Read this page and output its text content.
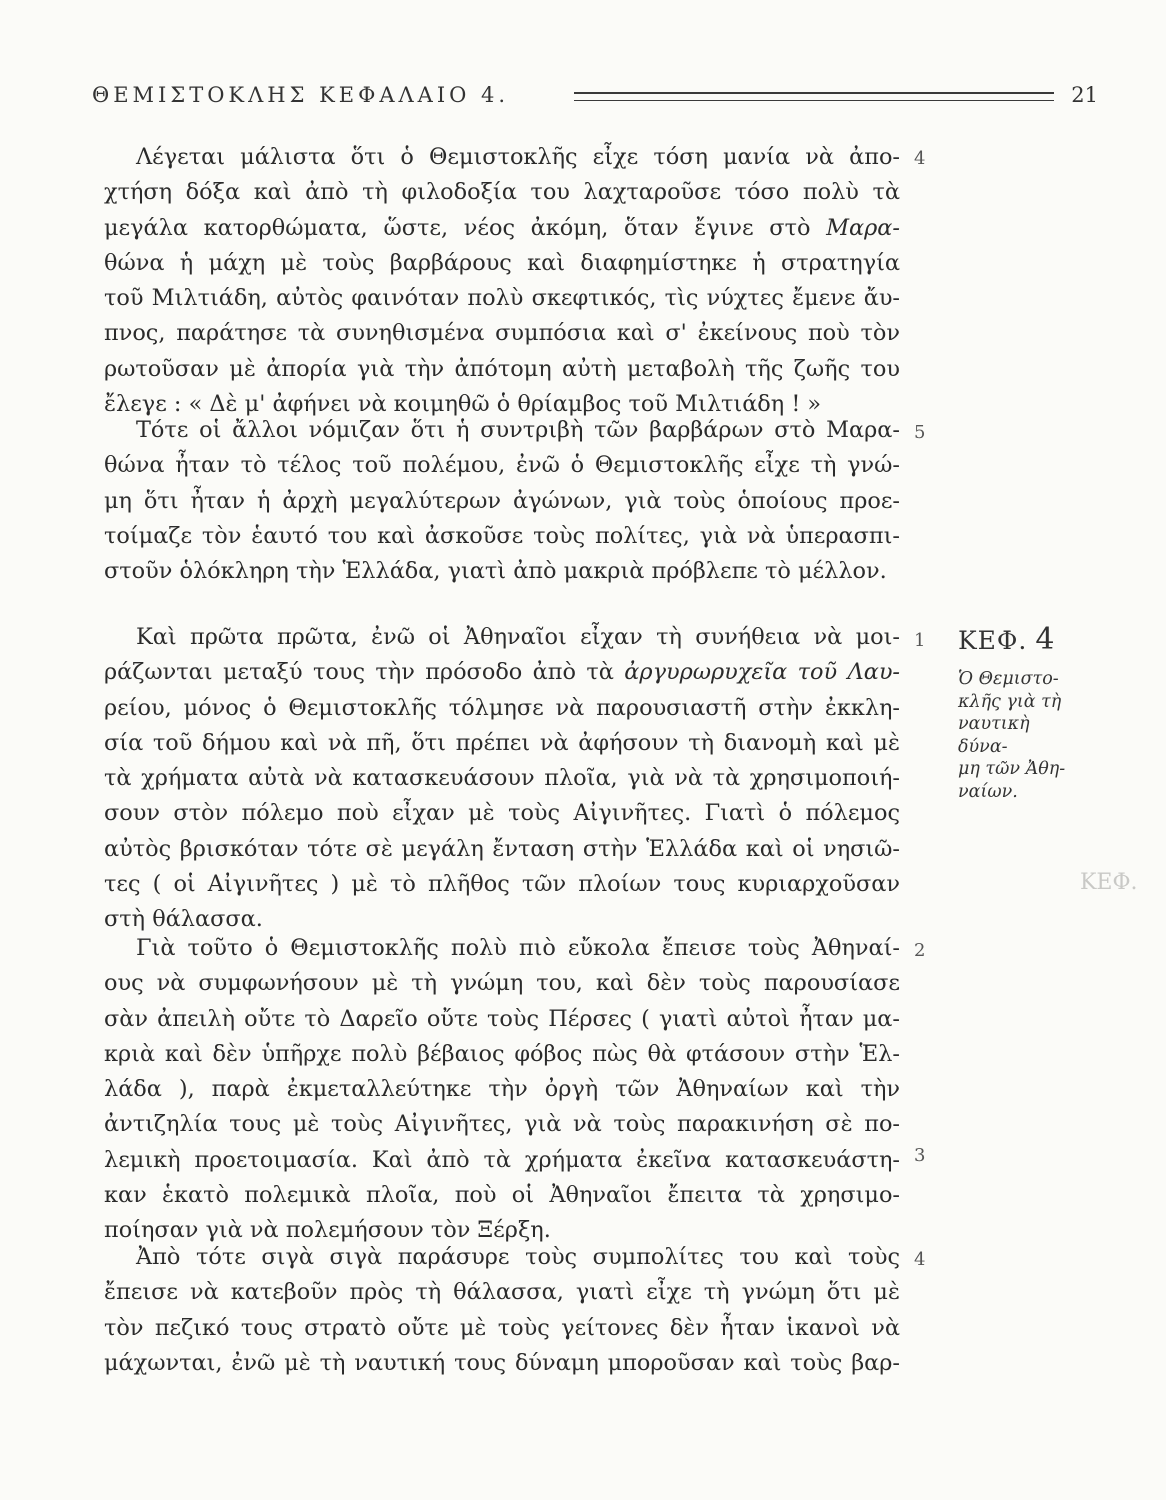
ΘΕΜΙΣΤΟΚΛΗΣ ΚΕΦΑΛΑΙΟ 4.	21
Λέγεται μάλιστα ὅτι ὁ Θεμιστοκλῆς εἶχε τόση μανία νὰ ἀπο-
χτήση δόξα καὶ ἀπὸ τὴ φιλοδοξία του λαχταροῦσε τόσο πολὺ τὰ
μεγάλα κατορθώματα, ὥστε, νέος ἀκόμη, ὅταν ἔγινε στὸ Μαρα-
θώνα ἡ μάχη μὲ τοὺς βαρβάρους καὶ διαφημίστηκε ἡ στρατηγία
τοῦ Μιλτιάδη, αὐτὸς φαινόταν πολὺ σκεφτικός, τὶς νύχτες ἔμενε ἄυ-
πνος, παράτησε τὰ συνηθισμένα συμπόσια καὶ σ' ἐκείνους ποὺ τὸν
ρωτοῦσαν μὲ ἀπορία γιὰ τὴν ἀπότομη αὐτὴ μεταβολὴ τῆς ζωῆς του
ἔλεγε : « Δὲ μ' ἀφήνει νὰ κοιμηθῶ ὁ θρίαμβος τοῦ Μιλτιάδη ! »
4
Τότε οἱ ἄλλοι νόμιζαν ὅτι ἡ συντριβὴ τῶν βαρβάρων στὸ Μαρα-
θώνα ἦταν τὸ τέλος τοῦ πολέμου, ἐνῶ ὁ Θεμιστοκλῆς εἶχε τὴ γνώ-
μη ὅτι ἦταν ἡ ἀρχὴ μεγαλύτερων ἀγώνων, γιὰ τοὺς ὁποίους προε-
τοίμαζε τὸν ἑαυτό του καὶ ἀσκοῦσε τοὺς πολίτες, γιὰ νὰ ὑπερασπι-
στοῦν ὁλόκληρη τὴν Ἑλλάδα, γιατὶ ἀπὸ μακριὰ πρόβλεπε τὸ μέλλον.
5
Καὶ πρῶτα πρῶτα, ἐνῶ οἱ Ἀθηναῖοι εἶχαν τὴ συνήθεια νὰ μοι-
ράζωνται μεταξύ τους τὴν πρόσοδο ἀπὸ τὰ ἀργυρωρυχεῖα τοῦ Λαυ-
ρείου, μόνος ὁ Θεμιστοκλῆς τόλμησε νὰ παρουσιαστῆ στὴν ἐκκλη-
σία τοῦ δήμου καὶ νὰ πῆ, ὅτι πρέπει νὰ ἀφήσουν τὴ διανομὴ καὶ μὲ
τὰ χρήματα αὐτὰ νὰ κατασκευάσουν πλοῖα, γιὰ νὰ τὰ χρησιμοποιή-
σουν στὸν πόλεμο ποὺ εἶχαν μὲ τοὺς Αἰγινῆτες. Γιατὶ ὁ πόλεμος
αὐτὸς βρισκόταν τότε σὲ μεγάλη ἔνταση στὴν Ἑλλάδα καὶ οἱ νησιῶ-
τες ( οἱ Αἰγινῆτες ) μὲ τὸ πλῆθος τῶν πλοίων τους κυριαρχοῦσαν
στὴ θάλασσα.
1
Γιὰ τοῦτο ὁ Θεμιστοκλῆς πολὺ πιὸ εὔκολα ἔπεισε τοὺς Ἀθηναί-
ους νὰ συμφωνήσουν μὲ τὴ γνώμη του, καὶ δὲν τοὺς παρουσίασε
σὰν ἀπειλὴ οὔτε τὸ Δαρεῖο οὔτε τοὺς Πέρσες ( γιατὶ αὐτοὶ ἦταν μα-
κριὰ καὶ δὲν ὑπῆρχε πολὺ βέβαιος φόβος πὼς θὰ φτάσουν στὴν Ἑλ-
λάδα ), παρὰ ἐκμεταλλεύτηκε τὴν ὀργὴ τῶν Ἀθηναίων καὶ τὴν
ἀντιζηλία τους μὲ τοὺς Αἰγινῆτες, γιὰ νὰ τοὺς παρακινήση σὲ πο-
λεμικὴ προετοιμασία. Καὶ ἀπὸ τὰ χρήματα ἐκεῖνα κατασκευάστη-
καν ἑκατὸ πολεμικὰ πλοῖα, ποὺ οἱ Ἀθηναῖοι ἔπειτα τὰ χρησιμο-
ποίησαν γιὰ νὰ πολεμήσουν τὸν Ξέρξη.
2
3
Ἀπὸ τότε σιγὰ σιγὰ παράσυρε τοὺς συμπολίτες του καὶ τοὺς
ἔπεισε νὰ κατεβοῦν πρὸς τὴ θάλασσα, γιατὶ εἶχε τὴ γνώμη ὅτι μὲ
τὸν πεζικό τους στρατὸ οὔτε μὲ τοὺς γείτονες δὲν ἦταν ἱκανοὶ νὰ
μάχωνται, ἐνῶ μὲ τὴ ναυτική τους δύναμη μποροῦσαν καὶ τοὺς βαρ-
4
ΚΕΦ. 4
Ὁ Θεμιστο-
κλῆς γιὰ τὴ
ναυτικὴ δύνα-
μη τῶν Ἀθη-
ναίων.
ΚΕΦ.
